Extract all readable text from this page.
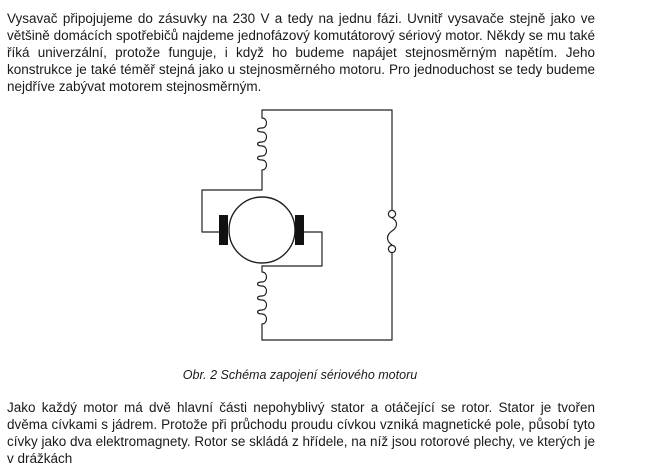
Vysavač připojujeme do zásuvky na 230 V a tedy na jednu fázi. Uvnitř vysavače stejně jako ve většině domácích spotřebičů najdeme jednofázový komutátorový sériový motor. Někdy se mu také říká univerzální, protože funguje, i když ho budeme napájet stejnosměrným napětím. Jeho konstrukce je také téměř stejná jako u stejnosměrného motoru. Pro jednoduchost se tedy budeme nejdříve zabývat motorem stejnosměrným.

Obr. 2 Schéma zapojení sériového motoru

Jako každý motor má dvě hlavní části nepohyblivý stator a otáčející se rotor. Stator je tvořen dvěma cívkami s jádrem. Protože při průchodu proudu cívkou vzniká magnetické pole, působí tyto cívky jako dva elektromagnety. Rotor se skládá z hřídele, na níž jsou rotorové plechy, ve kterých je v drážkách
